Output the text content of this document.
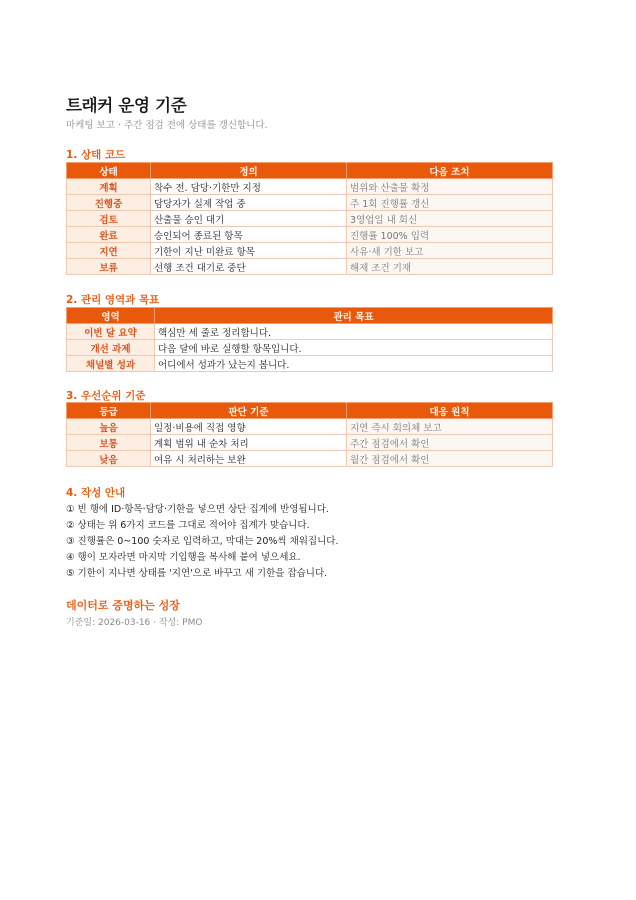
트래커 운영 기준
마케팅 보고 · 주간 점검 전에 상태를 갱신합니다.
1. 상태 코드
상태	정의	다음 조치
계획	착수 전. 담당·기한만 지정	범위와 산출물 확정
진행중	담당자가 실제 작업 중	주 1회 진행률 갱신
검토	산출물 승인 대기	3영업일 내 회신
완료	승인되어 종료된 항목	진행률 100% 입력
지연	기한이 지난 미완료 항목	사유·새 기한 보고
보류	선행 조건 대기로 중단	해제 조건 기재
2. 관리 영역과 목표
영역	관리 목표
이번 달 요약	핵심만 세 줄로 정리합니다.
개선 과제	다음 달에 바로 실행할 항목입니다.
채널별 성과	어디에서 성과가 났는지 봅니다.
3. 우선순위 기준
등급	판단 기준	대응 원칙
높음	일정·비용에 직접 영향	지연 즉시 회의체 보고
보통	계획 범위 내 순차 처리	주간 점검에서 확인
낮음	여유 시 처리하는 보완	월간 점검에서 확인
4. 작성 안내
① 빈 행에 ID·항목·담당·기한을 넣으면 상단 집계에 반영됩니다.
② 상태는 위 6가지 코드를 그대로 적어야 집계가 맞습니다.
③ 진행률은 0~100 숫자로 입력하고, 막대는 20%씩 채워집니다.
④ 행이 모자라면 마지막 기입행을 복사해 붙여 넣으세요.
⑤ 기한이 지나면 상태를 '지연'으로 바꾸고 새 기한을 잡습니다.
데이터로 증명하는 성장
기준일: 2026-03-16 · 작성: PMO
